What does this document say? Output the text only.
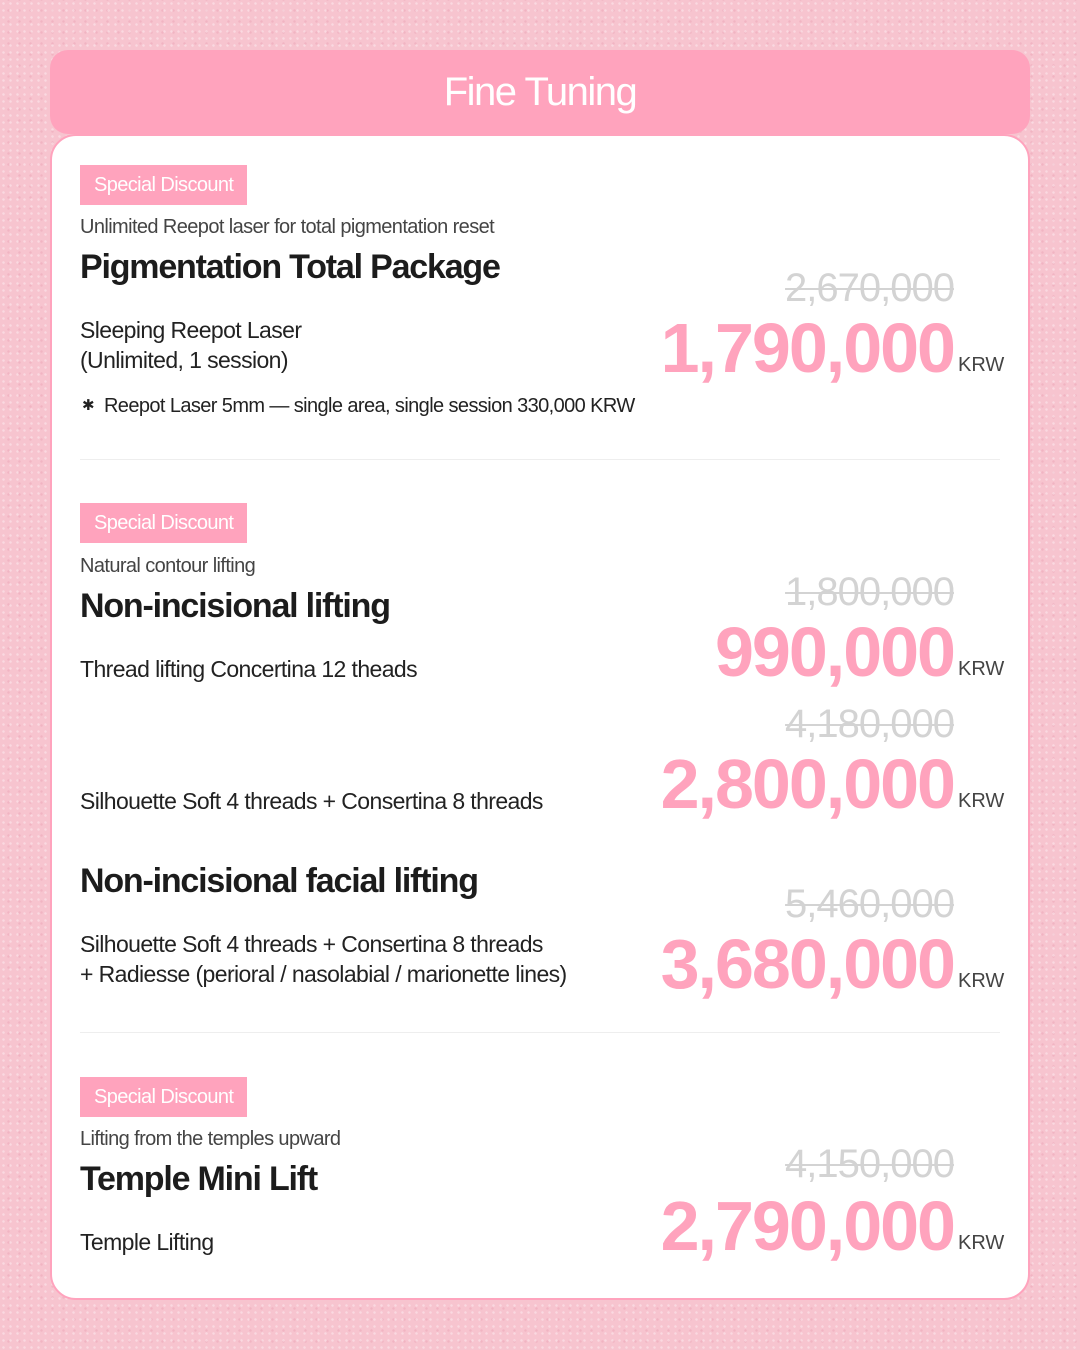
Fine Tuning
Special Discount
Unlimited Reepot laser for total pigmentation reset
Pigmentation Total Package
Sleeping Reepot Laser
(Unlimited, 1 session)
2,670,000
1,790,000 KRW
✱ Reepot Laser 5mm — single area, single session 330,000 KRW
Special Discount
Natural contour lifting
Non-incisional lifting
Thread lifting Concertina 12 theads
1,800,000
990,000 KRW
Silhouette Soft 4 threads + Consertina 8 threads
4,180,000
2,800,000 KRW
Non-incisional facial lifting
Silhouette Soft 4 threads + Consertina 8 threads
+ Radiesse (perioral / nasolabial / marionette lines)
5,460,000
3,680,000 KRW
Special Discount
Lifting from the temples upward
Temple Mini Lift
Temple Lifting
4,150,000
2,790,000 KRW
